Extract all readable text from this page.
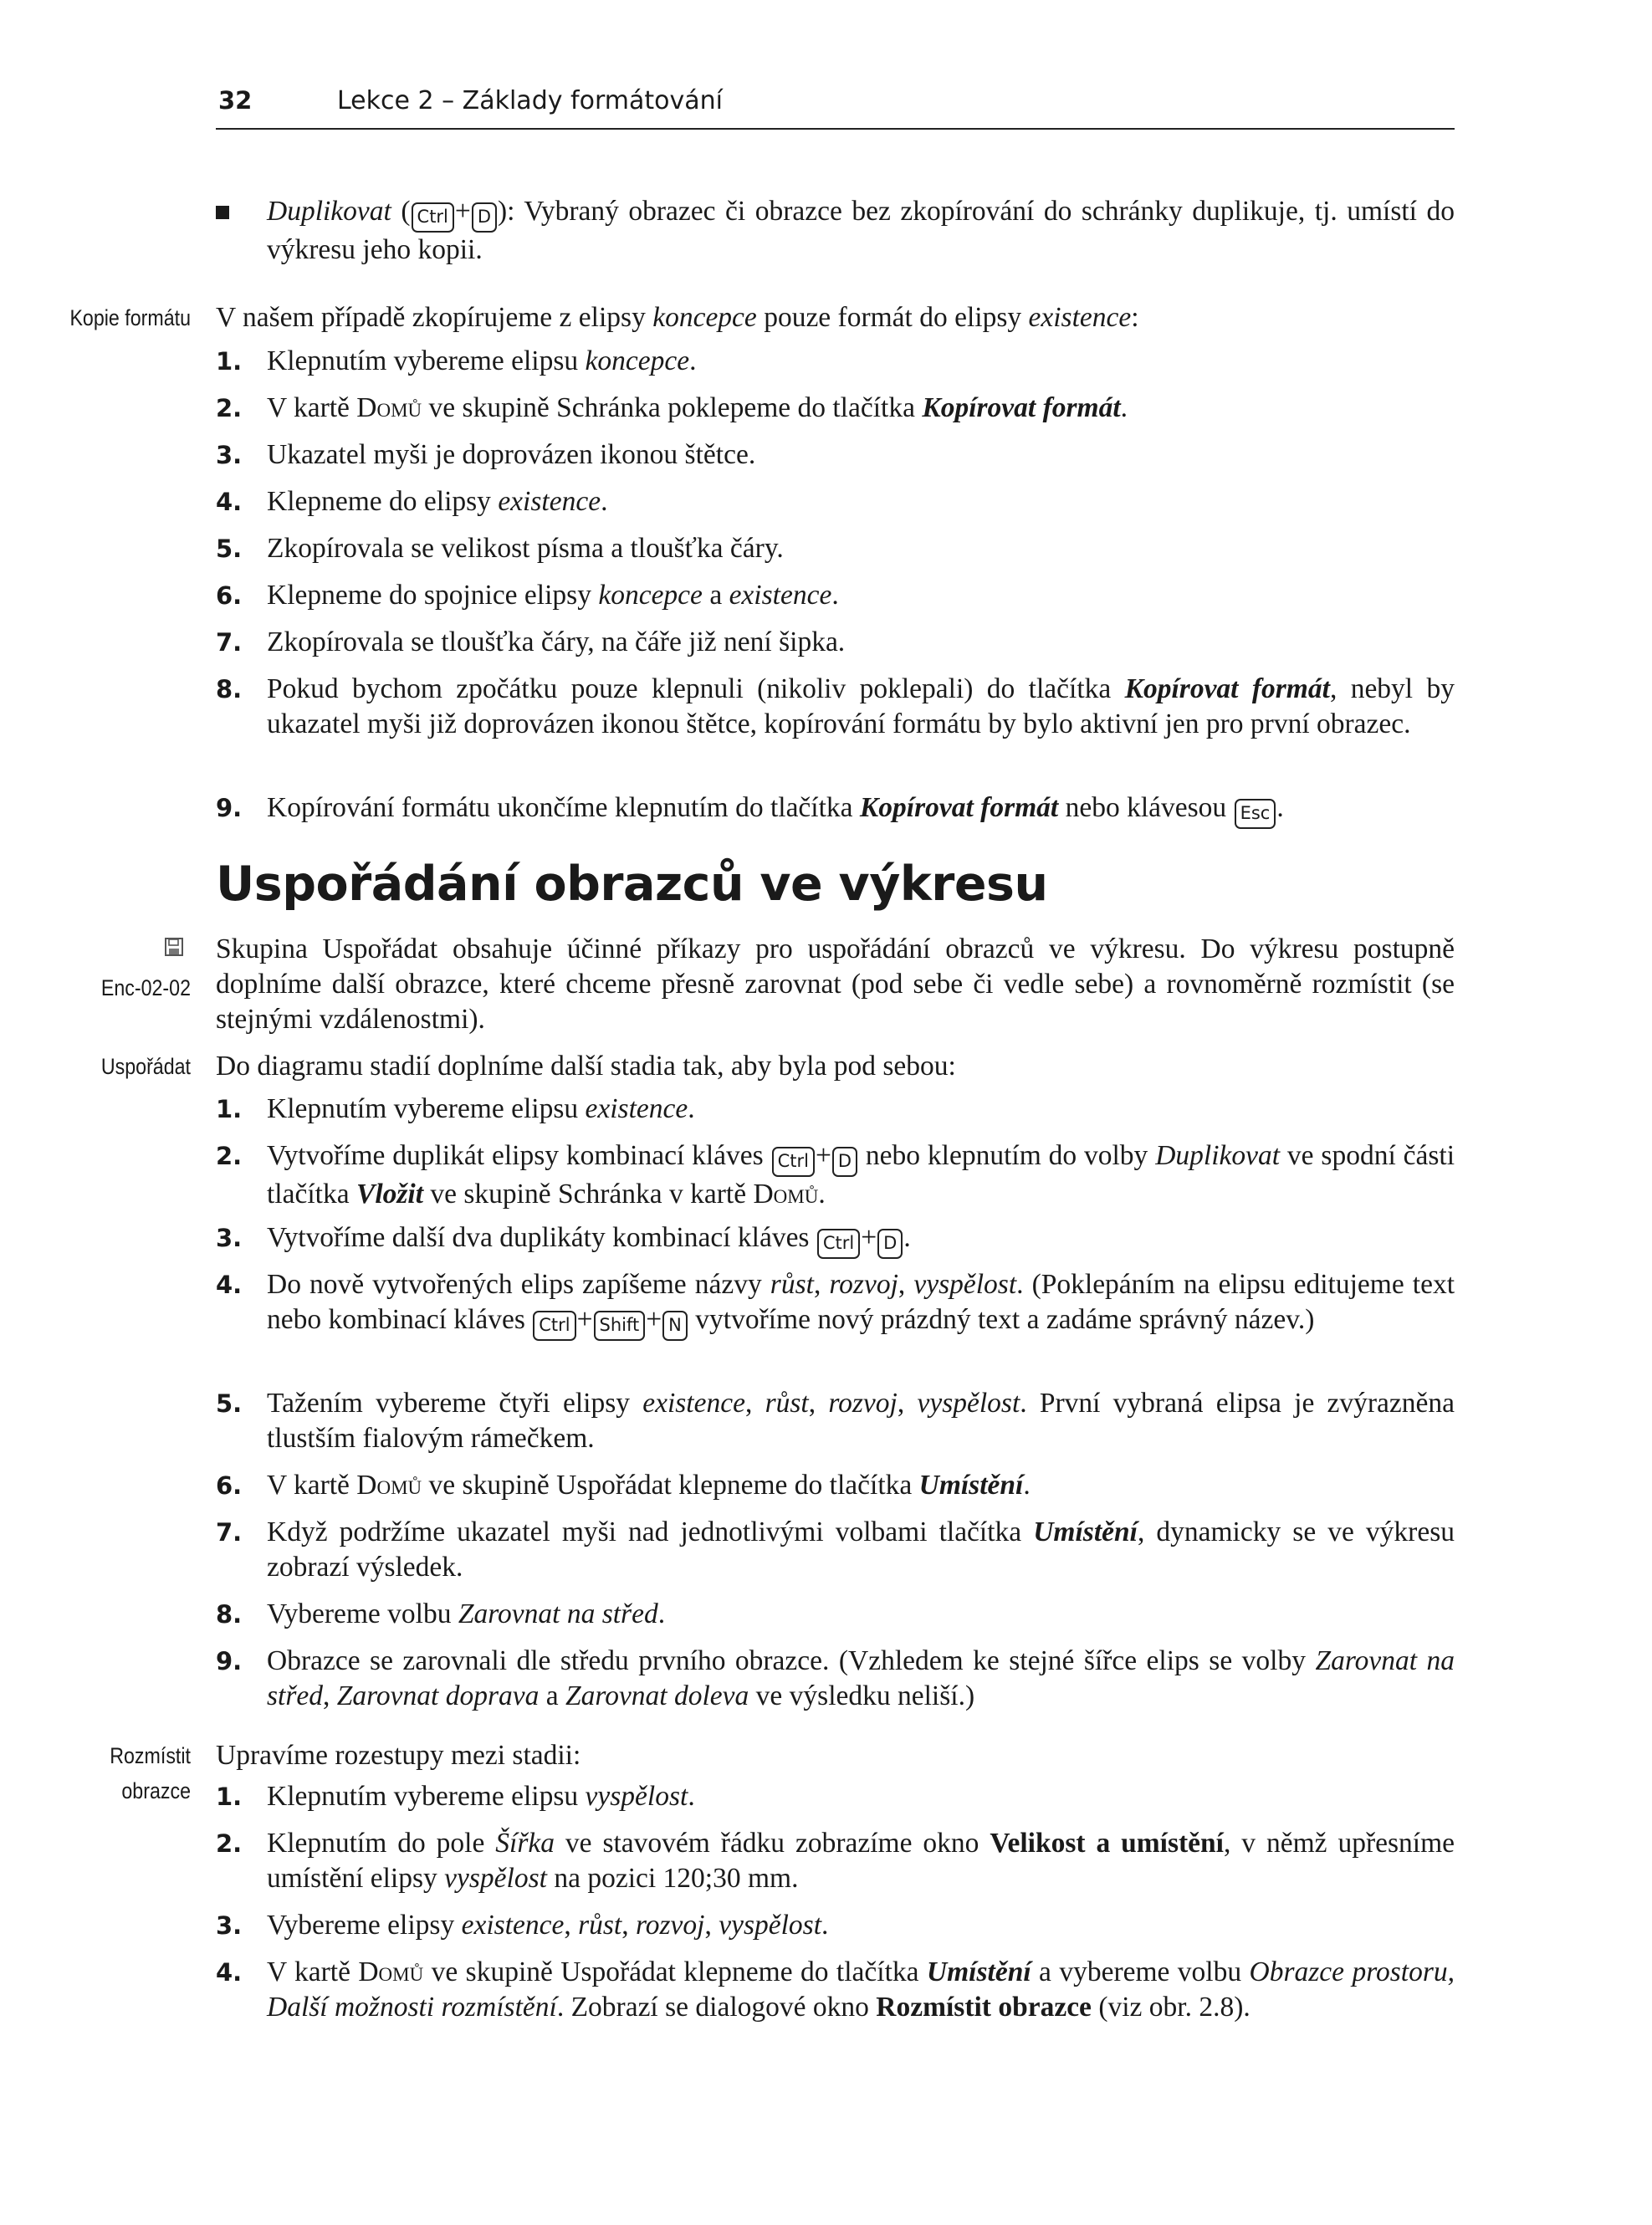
32	Lekce 2 – Základy formátování
Duplikovat ( Ctrl + D ): Vybraný obrazec či obrazce bez zkopírování do schránky duplikuje, tj. umístí do výkresu jeho kopii.
Kopie formátu V našem případě zkopírujeme z elipsy koncepce pouze formát do elipsy existence:
1. Klepnutím vybereme elipsu koncepce.
2. V kartě Domů ve skupině Schránka poklepeme do tlačítka Kopírovat formát.
3. Ukazatel myši je doprovázen ikonou štětce.
4. Klepneme do elipsy existence.
5. Zkopírovala se velikost písma a tloušťka čáry.
6. Klepneme do spojnice elipsy koncepce a existence.
7. Zkopírovala se tloušťka čáry, na čáře již není šipka.
8. Pokud bychom zpočátku pouze klepnuli (nikoliv poklepali) do tlačítka Kopírovat formát, nebyl by ukazatel myši již doprovázen ikonou štětce, kopírování formátu by bylo aktivní jen pro první obrazec.
9. Kopírování formátu ukončíme klepnutím do tlačítka Kopírovat formát nebo klávesou Esc .
Uspořádání obrazců ve výkresu
Enc-02-02
Skupina Uspořádat obsahuje účinné příkazy pro uspořádání obrazců ve výkresu. Do výkresu postupně doplníme další obrazce, které chceme přesně zarovnat (pod sebe či vedle sebe) a rovnoměrně rozmístit (se stejnými vzdálenostmi).
Uspořádat Do diagramu stadií doplníme další stadia tak, aby byla pod sebou:
1. Klepnutím vybereme elipsu existence.
2. Vytvoříme duplikát elipsy kombinací kláves Ctrl + D nebo klepnutím do volby Duplikovat ve spodní části tlačítka Vložit ve skupině Schránka v kartě Domů.
3. Vytvoříme další dva duplikáty kombinací kláves Ctrl + D .
4. Do nově vytvořených elips zapíšeme názvy růst, rozvoj, vyspělost. (Poklepáním na elipsu editujeme text nebo kombinací kláves Ctrl + Shift + N vytvoříme nový prázdný text a zadáme správný název.)
5. Tažením vybereme čtyři elipsy existence, růst, rozvoj, vyspělost. První vybraná elipsa je zvýrazněna tlustším fialovým rámečkem.
6. V kartě Domů ve skupině Uspořádat klepneme do tlačítka Umístění.
7. Když podržíme ukazatel myši nad jednotlivými volbami tlačítka Umístění, dynamicky se ve výkresu zobrazí výsledek.
8. Vybereme volbu Zarovnat na střed.
9. Obrazce se zarovnali dle středu prvního obrazce. (Vzhledem ke stejné šířce elips se volby Zarovnat na střed, Zarovnat doprava a Zarovnat doleva ve výsledku neliší.)
Rozmístit
obrazce
Upravíme rozestupy mezi stadii:
1. Klepnutím vybereme elipsu vyspělost.
2. Klepnutím do pole Šířka ve stavovém řádku zobrazíme okno Velikost a umístění, v němž upřesníme umístění elipsy vyspělost na pozici 120;30 mm.
3. Vybereme elipsy existence, růst, rozvoj, vyspělost.
4. V kartě Domů ve skupině Uspořádat klepneme do tlačítka Umístění a vybereme volbu Obrazce prostoru, Další možnosti rozmístění. Zobrazí se dialogové okno Rozmístit obrazce (viz obr. 2.8).
